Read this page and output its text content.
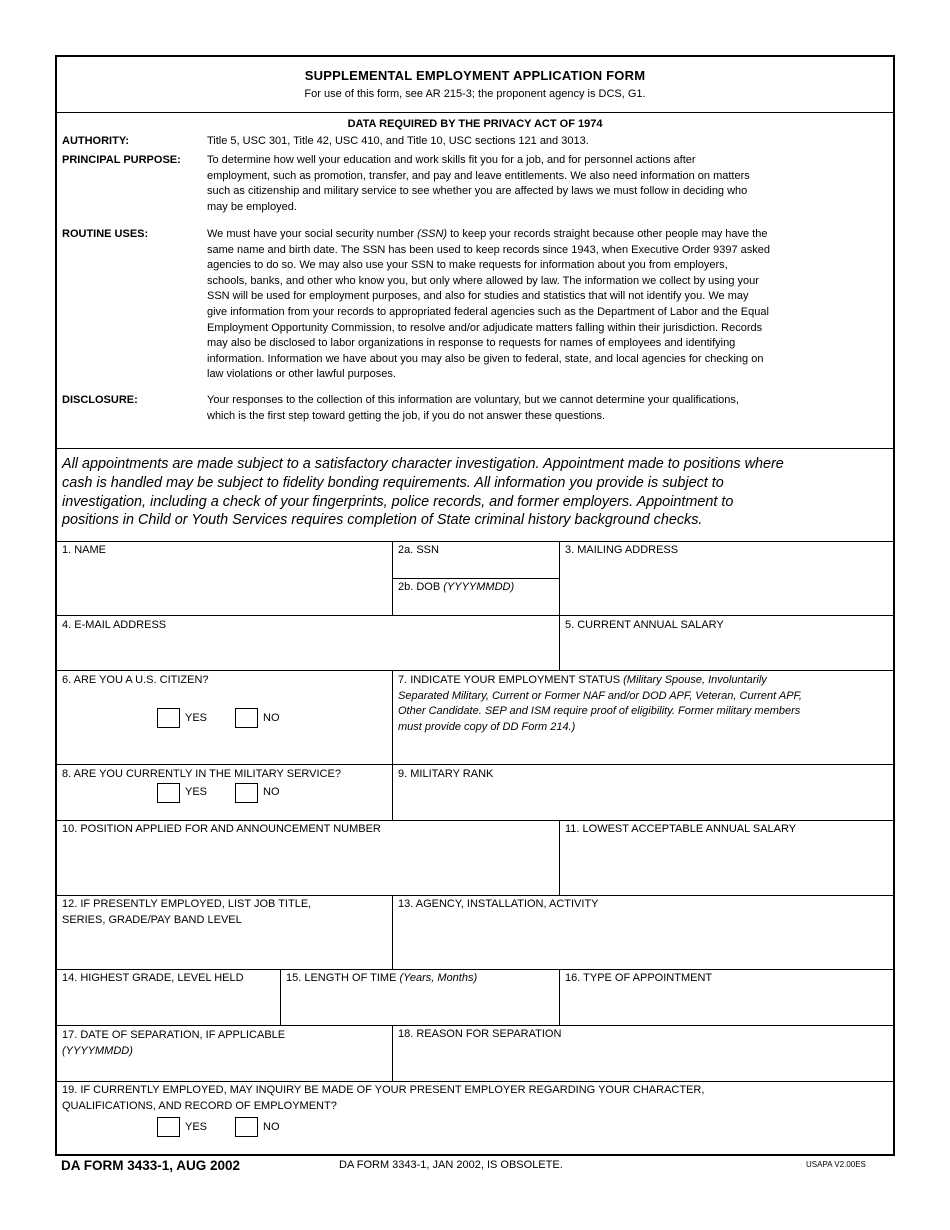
SUPPLEMENTAL EMPLOYMENT APPLICATION FORM
For use of this form, see AR 215-3; the proponent agency is DCS, G1.
DATA REQUIRED BY THE PRIVACY ACT OF 1974
AUTHORITY:	Title 5, USC 301, Title 42, USC 410, and Title 10, USC sections 121 and 3013.
PRINCIPAL PURPOSE: To determine how well your education and work skills fit you for a job, and for personnel actions after
employment, such as promotion, transfer, and pay and leave entitlements. We also need information on matters
such as citizenship and military service to see whether you are affected by laws we must follow in deciding who
may be employed.
ROUTINE USES:	We must have your social security number (SSN) to keep your records straight because other people may have the
same name and birth date. The SSN has been used to keep records since 1943, when Executive Order 9397 asked
agencies to do so. We may also use your SSN to make requests for information about you from employers,
schools, banks, and other who know you, but only where allowed by law. The information we collect by using your
SSN will be used for employment purposes, and also for studies and statistics that will not identify you. We may
give information from your records to appropriated federal agencies such as the Department of Labor and the Equal
Employment Opportunity Commission, to resolve and/or adjudicate matters falling within their jurisdiction. Records
may also be disclosed to labor organizations in response to requests for names of employees and identifying
information. Information we have about you may also be given to federal, state, and local agencies for checking on
law violations or other lawful purposes.
DISCLOSURE:	Your responses to the collection of this information are voluntary, but we cannot determine your qualifications,
which is the first step toward getting the job, if you do not answer these questions.
All appointments are made subject to a satisfactory character investigation. Appointment made to positions where
cash is handled may be subject to fidelity bonding requirements. All information you provide is subject to
investigation, including a check of your fingerprints, police records, and former employers. Appointment to
positions in Child or Youth Services requires completion of State criminal history background checks.
1. NAME	2a. SSN
2b. DOB (YYYYMMDD)
3. MAILING ADDRESS
4. E-MAIL ADDRESS	5. CURRENT ANNUAL SALARY
6. ARE YOU A U.S. CITIZEN?
YES	NO
7. INDICATE YOUR EMPLOYMENT STATUS (Military Spouse, Involuntarily
Separated Military, Current or Former NAF and/or DOD APF, Veteran, Current APF,
Other Candidate. SEP and ISM require proof of eligibility. Former military members
must provide copy of DD Form 214.)
8. ARE YOU CURRENTLY IN THE MILITARY SERVICE?
YES	NO
9. MILITARY RANK
10. POSITION APPLIED FOR AND ANNOUNCEMENT NUMBER	11. LOWEST ACCEPTABLE ANNUAL SALARY
12. IF PRESENTLY EMPLOYED, LIST JOB TITLE,
SERIES, GRADE/PAY BAND LEVEL
13. AGENCY, INSTALLATION, ACTIVITY
14. HIGHEST GRADE, LEVEL HELD	15. LENGTH OF TIME (Years, Months)	16. TYPE OF APPOINTMENT
17. DATE OF SEPARATION, IF APPLICABLE
(YYYYMMDD)
18. REASON FOR SEPARATION
19. IF CURRENTLY EMPLOYED, MAY INQUIRY BE MADE OF YOUR PRESENT EMPLOYER REGARDING YOUR CHARACTER,
QUALIFICATIONS, AND RECORD OF EMPLOYMENT?
YES	NO
DA FORM 3433-1, AUG 2002	DA FORM 3343-1, JAN 2002, IS OBSOLETE.	USAPA V2.00ES
